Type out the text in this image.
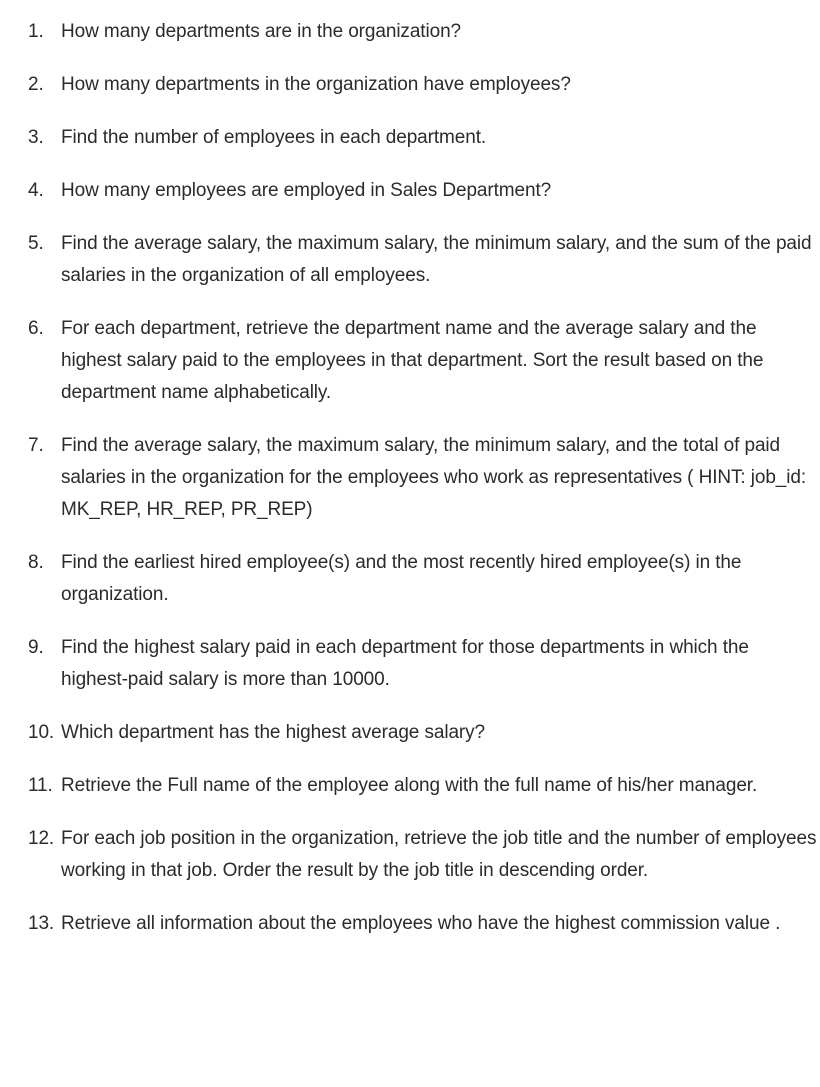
1. How many departments are in the organization?
2. How many departments in the organization have employees?
3. Find the number of employees in each department.
4. How many employees are employed in Sales Department?
5. Find the average salary, the maximum salary, the minimum salary, and the sum of the paid salaries in the organization of all employees.
6. For each department, retrieve the department name and the average salary and the highest salary paid to the employees in that department. Sort the result based on the department name alphabetically.
7. Find the average salary, the maximum salary, the minimum salary, and the total of paid salaries in the organization for the employees who work as representatives ( HINT: job_id: MK_REP, HR_REP, PR_REP)
8. Find the earliest hired employee(s) and the most recently hired employee(s) in the organization.
9. Find the highest salary paid in each department for those departments in which the highest-paid salary is more than 10000.
10. Which department has the highest average salary?
11. Retrieve the Full name of the employee along with the full name of his/her manager.
12. For each job position in the organization, retrieve the job title and the number of employees working in that job. Order the result by the job title in descending order.
13. Retrieve all information about the employees who have the highest commission value .
